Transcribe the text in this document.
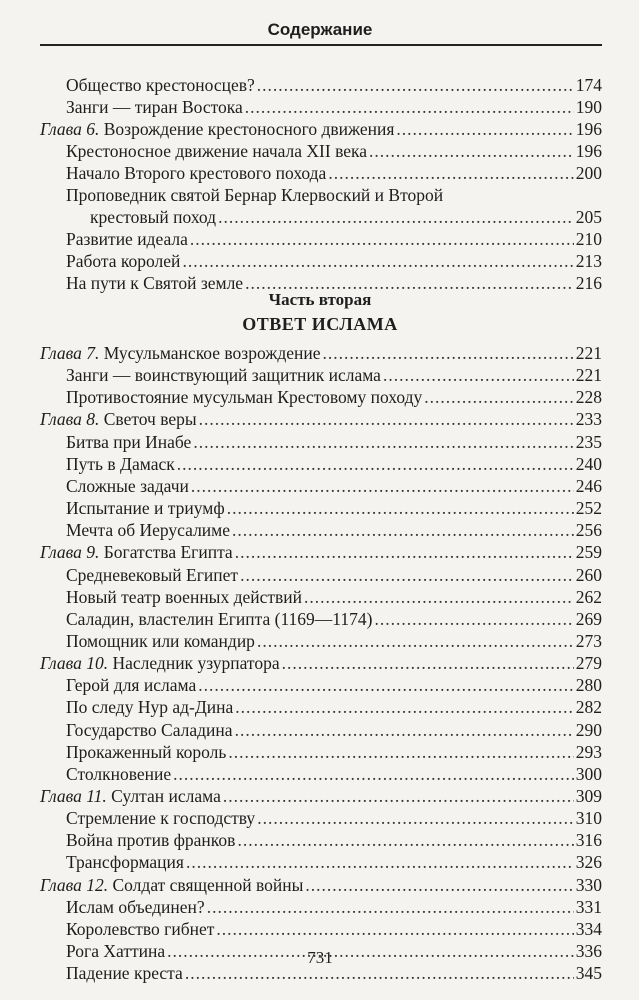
Содержание
Общество крестоносцев? .....	174
Занги — тиран Востока .....	190
Глава 6. Возрождение крестоносного движения .....	196
Крестоносное движение начала XII века .....	196
Начало Второго крестового похода .....	200
Проповедник святой Бернар Клервоский и Второй
крестовый поход .....	205
Развитие идеала .....	210
Работа королей .....	213
На пути к Святой земле .....	216
Глава 7. Мусульманское возрождение .....	221
Занги — воинствующий защитник ислама .....	221
Противостояние мусульман Крестовому походу .....	228
Глава 8. Светоч веры .....	233
Битва при Инабе .....	235
Путь в Дамаск .....	240
Сложные задачи .....	246
Испытание и триумф .....	252
Мечта об Иерусалиме .....	256
Глава 9. Богатства Египта .....	259
Средневековый Египет .....	260
Новый театр военных действий .....	262
Саладин, властелин Египта (1169—1174) .....	269
Помощник или командир .....	273
Глава 10. Наследник узурпатора .....	279
Герой для ислама .....	280
По следу Нур ад-Дина .....	282
Государство Саладина .....	290
Прокаженный король .....	293
Столкновение .....	300
Глава 11. Султан ислама .....	309
Стремление к господству .....	310
Война против франков .....	316
Трансформация .....	326
Глава 12. Солдат священной войны .....	330
Ислам объединен? .....	331
Королевство гибнет .....	334
Рога Хаттина .....	336
Падение креста .....	345
Часть вторая
ОТВЕТ ИСЛАМА
731
